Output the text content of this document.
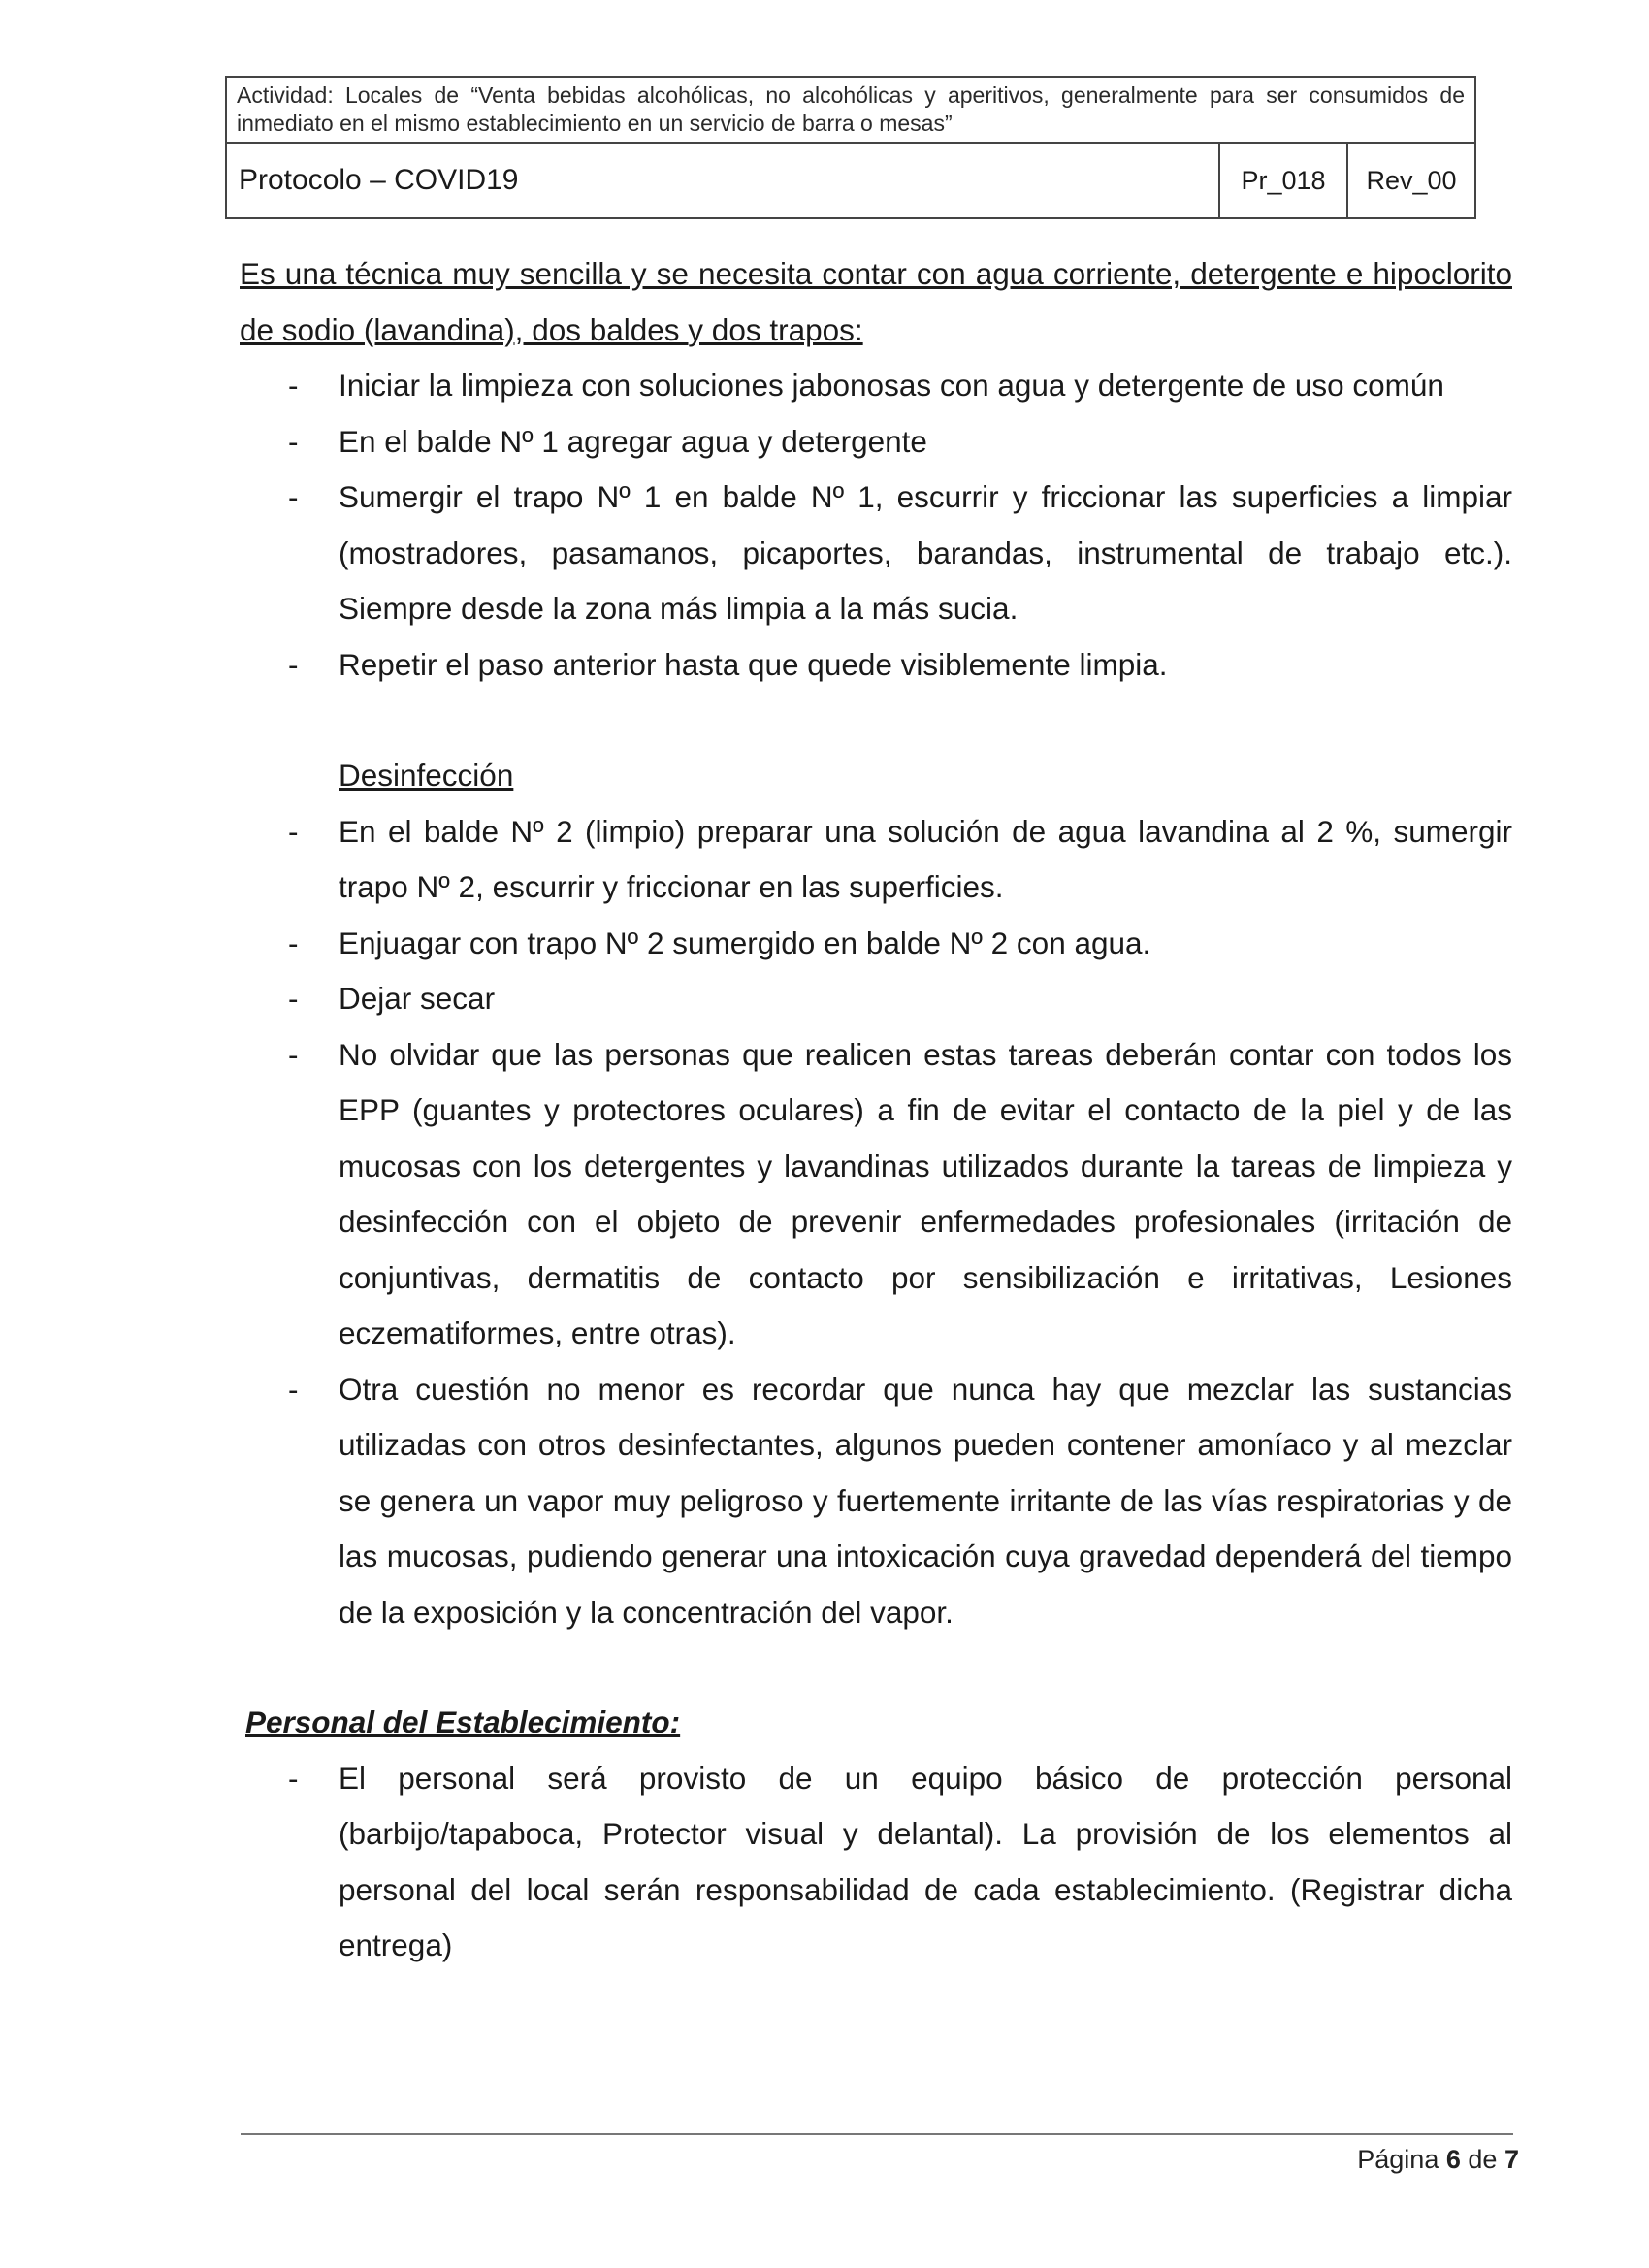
Actividad: Locales de “Venta bebidas alcohólicas, no alcohólicas y aperitivos, generalmente para ser consumidos de inmediato en el mismo establecimiento en un servicio de barra o mesas”
Protocolo – COVID19	Pr_018	Rev_00

Es una técnica muy sencilla y se necesita contar con agua corriente, detergente e hipoclorito de sodio (lavandina), dos baldes y dos trapos:

- Iniciar la limpieza con soluciones jabonosas con agua y detergente de uso común
- En el balde Nº 1 agregar agua y detergente
- Sumergir el trapo Nº 1 en balde Nº 1, escurrir y friccionar las superficies a limpiar (mostradores, pasamanos, picaportes, barandas, instrumental de trabajo etc.). Siempre desde la zona más limpia a la más sucia.
- Repetir el paso anterior hasta que quede visiblemente limpia.
Desinfección
- En el balde Nº 2 (limpio) preparar una solución de agua lavandina al 2 %, sumergir trapo Nº 2, escurrir y friccionar en las superficies.
- Enjuagar con trapo Nº 2 sumergido en balde Nº 2 con agua.
- Dejar secar
- No olvidar que las personas que realicen estas tareas deberán contar con todos los EPP (guantes y protectores oculares) a fin de evitar el contacto de la piel y de las mucosas con los detergentes y lavandinas utilizados durante la tareas de limpieza y desinfección con el objeto de prevenir enfermedades profesionales (irritación de conjuntivas, dermatitis de contacto por sensibilización e irritativas, Lesiones eczematiformes, entre otras).
- Otra cuestión no menor es recordar que nunca hay que mezclar las sustancias utilizadas con otros desinfectantes, algunos pueden contener amoníaco y al mezclar se genera un vapor muy peligroso y fuertemente irritante de las vías respiratorias y de las mucosas, pudiendo generar una intoxicación cuya gravedad dependerá del tiempo de la exposición y la concentración del vapor.
Personal del Establecimiento:
- El personal será provisto de un equipo básico de protección personal (barbijo/tapaboca, Protector visual y delantal). La provisión de los elementos al personal del local serán responsabilidad de cada establecimiento. (Registrar dicha entrega)
Página 6 de 7
